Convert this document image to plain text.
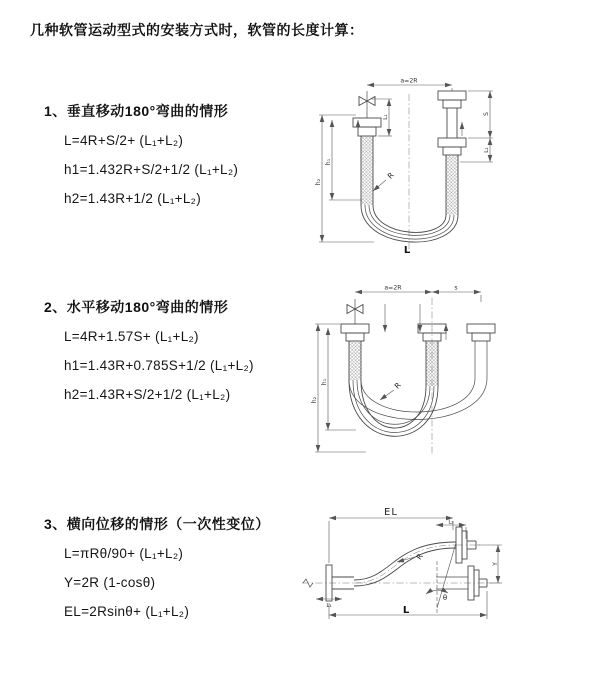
几种软管运动型式的安装方式时，软管的长度计算：
1、垂直移动180°弯曲的情形
L=4R+S/2+ (L₁+L₂)
h1=1.432R+S/2+1/2 (L₁+L₂)
h2=1.43R+1/2 (L₁+L₂)
2、水平移动180°弯曲的情形
L=4R+1.57S+ (L₁+L₂)
h1=1.43R+0.785S+1/2 (L₁+L₂)
h2=1.43R+S/2+1/2 (L₁+L₂)
3、横向位移的情形（一次性变位）
L=πRθ/90+ (L₁+L₂)
Y=2R (1-cosθ)
EL=2Rsinθ+ (L₁+L₂)
a=2R
h₂
h₁
L₁
S
L₂
R
L
a=2R	s
h₂
h₁	R
EL
L₂
Y
R
θ
L
L₁
